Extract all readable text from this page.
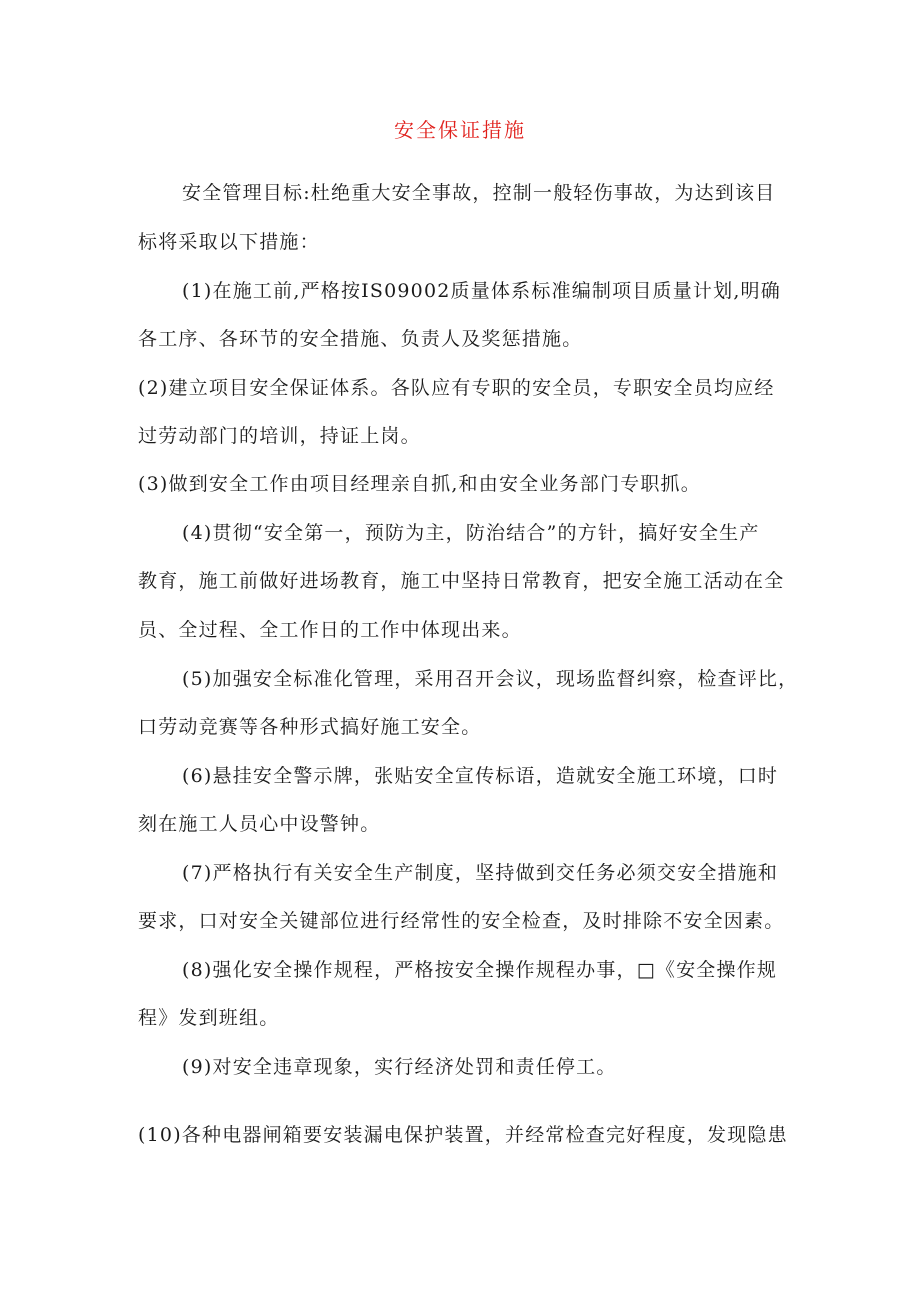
安全保证措施
安全管理目标:杜绝重大安全事故，控制一般轻伤事故，为达到该目
标将采取以下措施：
(1)在施工前,严格按IS09002质量体系标准编制项目质量计划,明确
各工序、各环节的安全措施、负责人及奖惩措施。
(2)建立项目安全保证体系。各队应有专职的安全员，专职安全员均应经
过劳动部门的培训，持证上岗。
(3)做到安全工作由项目经理亲自抓,和由安全业务部门专职抓。
(4)贯彻“安全第一，预防为主，防治结合”的方针，搞好安全生产
教育，施工前做好进场教育，施工中坚持日常教育，把安全施工活动在全
员、全过程、全工作日的工作中体现出来。
(5)加强安全标准化管理，采用召开会议，现场监督纠察，检查评比，
口劳动竞赛等各种形式搞好施工安全。
(6)悬挂安全警示牌，张贴安全宣传标语，造就安全施工环境，口时
刻在施工人员心中设警钟。
(7)严格执行有关安全生产制度，坚持做到交任务必须交安全措施和
要求，口对安全关键部位进行经常性的安全检查，及时排除不安全因素。
(8)强化安全操作规程，严格按安全操作规程办事，□《安全操作规
程》发到班组。
(9)对安全违章现象，实行经济处罚和责任停工。
(10)各种电器闸箱要安装漏电保护装置，并经常检查完好程度，发现隐患
